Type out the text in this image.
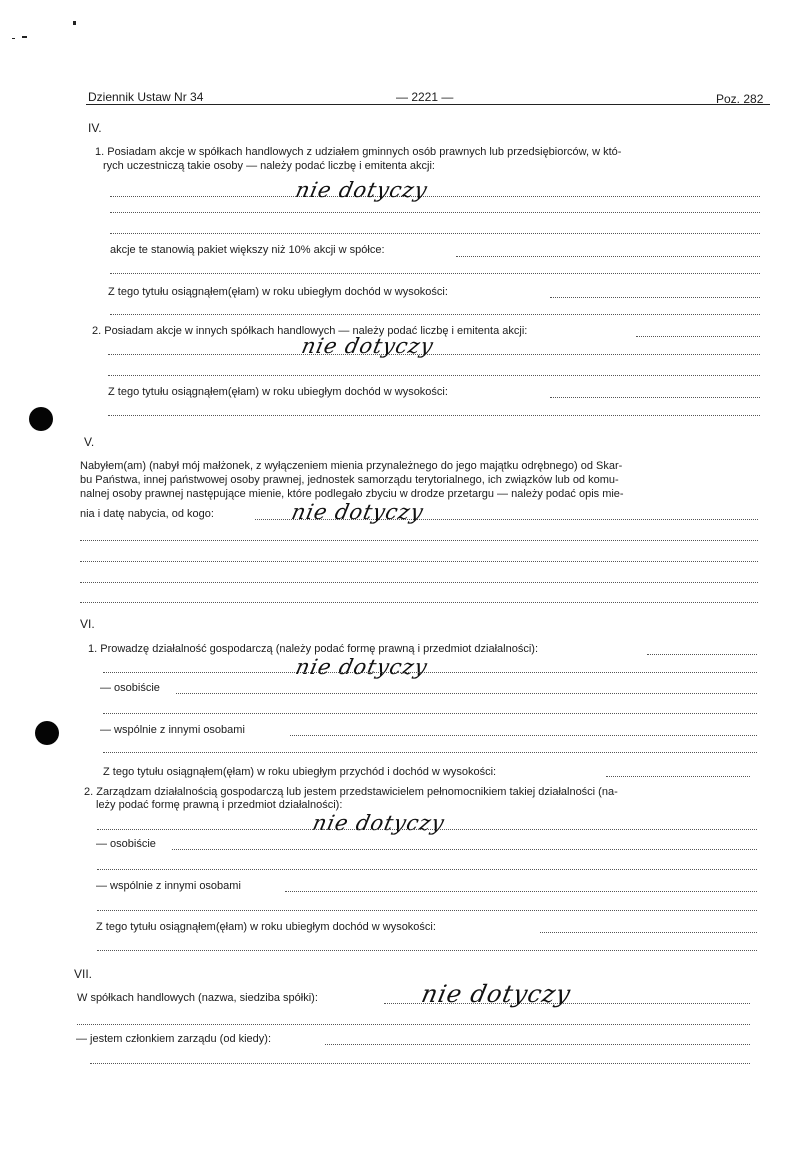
Dziennik Ustaw Nr 34	— 2221 —	Poz. 282
IV.
1. Posiadam akcje w spółkach handlowych z udziałem gminnych osób prawnych lub przedsiębiorców, w któ-
rych uczestniczą takie osoby — należy podać liczbę i emitenta akcji:
nie dotyczy
akcje te stanowią pakiet większy niż 10% akcji w spółce:
Z tego tytułu osiągnąłem(ęłam) w roku ubiegłym dochód w wysokości:
2. Posiadam akcje w innych spółkach handlowych — należy podać liczbę i emitenta akcji:
nie dotyczy
Z tego tytułu osiągnąłem(ęłam) w roku ubiegłym dochód w wysokości:
V.
Nabyłem(am) (nabył mój małżonek, z wyłączeniem mienia przynależnego do jego majątku odrębnego) od Skar-
bu Państwa, innej państwowej osoby prawnej, jednostek samorządu terytorialnego, ich związków lub od komu-
nalnej osoby prawnej następujące mienie, które podlegało zbyciu w drodze przetargu — należy podać opis mie-
nia i datę nabycia, od kogo:	nie dotyczy
VI.
1. Prowadzę działalność gospodarczą (należy podać formę prawną i przedmiot działalności):
nie dotyczy
— osobiście
— wspólnie z innymi osobami
Z tego tytułu osiągnąłem(ęłam) w roku ubiegłym przychód i dochód w wysokości:
2. Zarządzam działalnością gospodarczą lub jestem przedstawicielem pełnomocnikiem takiej działalności (na-
leży podać formę prawną i przedmiot działalności):
nie dotyczy
— osobiście
— wspólnie z innymi osobami
Z tego tytułu osiągnąłem(ęłam) w roku ubiegłym dochód w wysokości:
VII.
W spółkach handlowych (nazwa, siedziba spółki):	nie dotyczy
— jestem członkiem zarządu (od kiedy):
